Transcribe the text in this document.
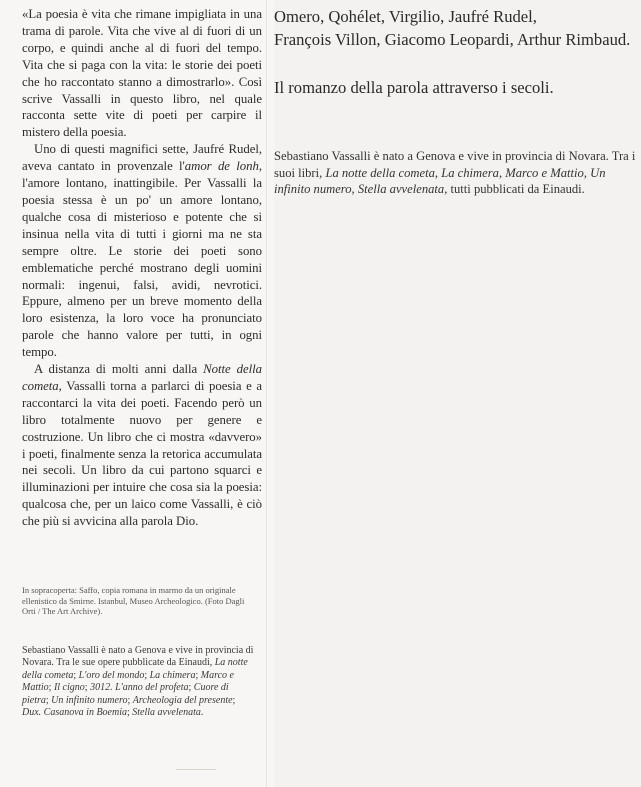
«La poesia è vita che rimane impigliata in una trama di parole. Vita che vive al di fuori di un corpo, e quindi anche al di fuori del tempo. Vita che si paga con la vita: le storie dei poeti che ho raccontato stanno a dimostrarlo». Così scrive Vassalli in questo libro, nel quale racconta sette vite di poeti per carpire il mistero della poesia.

Uno di questi magnifici sette, Jaufré Rudel, aveva cantato in provenzale l'amor de lonh, l'amore lontano, inattingibile. Per Vassalli la poesia stessa è un po' un amore lontano, qualche cosa di misterioso e potente che si insinua nella vita di tutti i giorni ma ne sta sempre oltre. Le storie dei poeti sono emblematiche perché mostrano degli uomini normali: ingenui, falsi, avidi, nevrotici. Eppure, almeno per un breve momento della loro esistenza, la loro voce ha pronunciato parole che hanno valore per tutti, in ogni tempo.

A distanza di molti anni dalla Notte della cometa, Vassalli torna a parlarci di poesia e a raccontarci la vita dei poeti. Facendo però un libro totalmente nuovo per genere e costruzione. Un libro che ci mostra «davvero» i poeti, finalmente senza la retorica accumulata nei secoli. Un libro da cui partono squarci e illuminazioni per intuire che cosa sia la poesia: qualcosa che, per un laico come Vassalli, è ciò che più si avvicina alla parola Dio.

In sopracoperta: Saffo, copia romana in marmo da un originale ellenistico da Smirne. Istanbul, Museo Archeologico. (Foto Dagli Orti / The Art Archive).

Sebastiano Vassalli è nato a Genova e vive in provincia di Novara. Tra le sue opere pubblicate da Einaudi, La notte della cometa; L'oro del mondo; La chimera; Marco e Mattio; Il cigno; 3012. L'anno del profeta; Cuore di pietra; Un infinito numero; Archeologia del presente; Dux. Casanova in Boemia; Stella avvelenata.

Omero, Qohélet, Virgilio, Jaufré Rudel,
François Villon, Giacomo Leopardi, Arthur Rimbaud.

Il romanzo della parola attraverso i secoli.

Sebastiano Vassalli è nato a Genova e vive in provincia di Novara. Tra i suoi libri, La notte della cometa, La chimera, Marco e Mattio, Un infinito numero, Stella avvelenata, tutti pubblicati da Einaudi.
